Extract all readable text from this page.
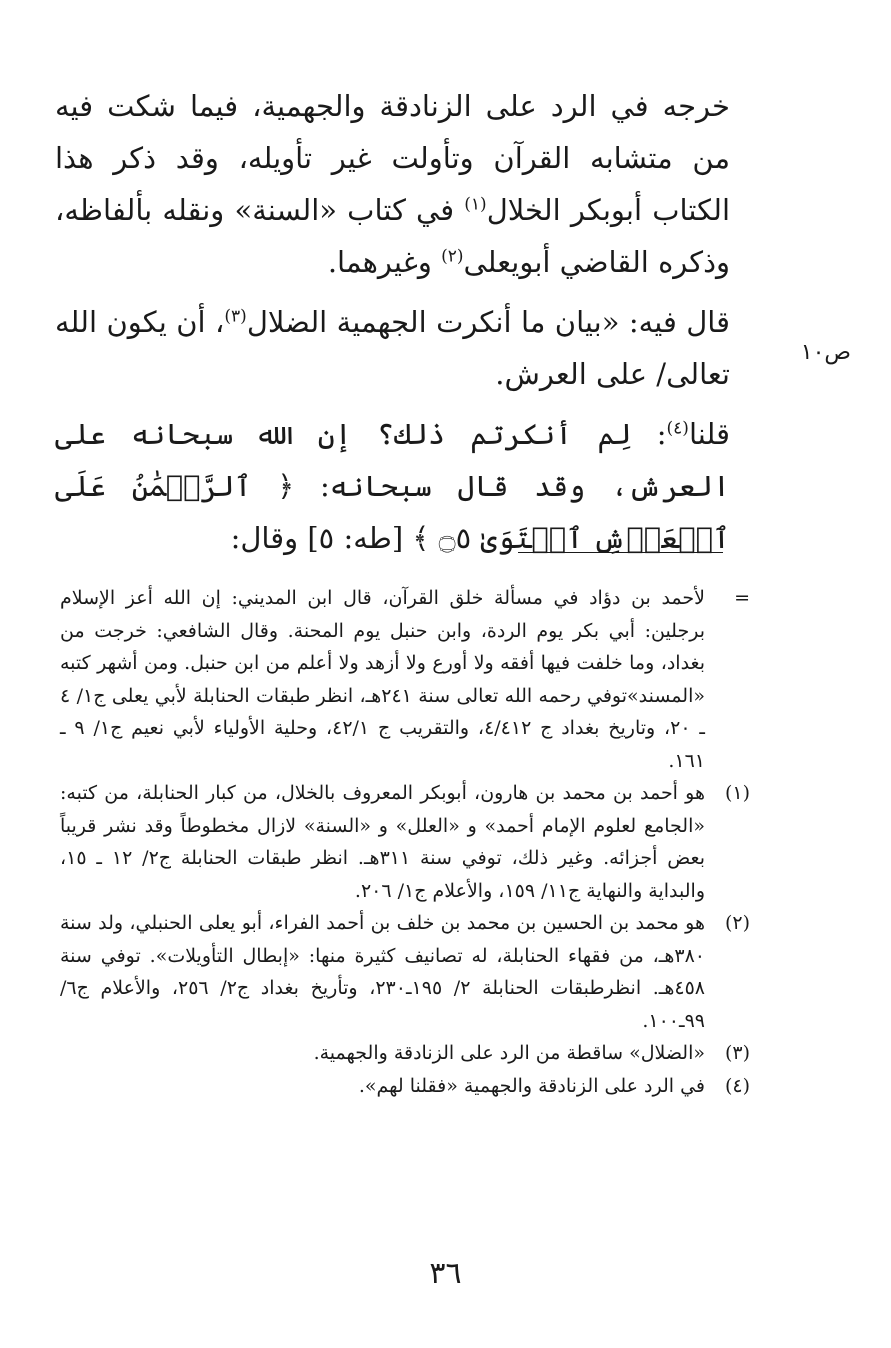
خرجه في الرد على الزنادقة والجهمية، فيما شكت فيه من متشابه القرآن وتأولت غير تأويله، وقد ذكر هذا الكتاب أبوبكر الخلال$^{(١)}$ في كتاب «السنة» ونقله بألفاظه، وذكره القاضي أبويعلى$^{(٢)}$ وغيرهما.

قال فيه: «بيان ما أنكرت الجهمية الضلال$^{(٣)}$، أن يكون الله تعالى/ على العرش.

قلنا$^{(٤)}$: لِم أنكرتم ذلك؟ إن الله سبحانه على العرش، وقد قال سبحانه: ﴿ ٱلرَّحۡمَٰنُ عَلَى ٱلۡعَرۡشِ ٱسۡتَوَىٰ ۝٥ ﴾ [طه: ٥] وقال:

ص١٠
=
لأحمد بن دؤاد في مسألة خلق القرآن، قال ابن المديني: إن الله أعز الإسلام برجلين: أبي بكر يوم الردة، وابن حنبل يوم المحنة. وقال الشافعي: خرجت من بغداد، وما خلفت فيها أفقه ولا أورع ولا أزهد ولا أعلم من ابن حنبل. ومن أشهر كتبه «المسند»توفي رحمه الله تعالى سنة ٢٤١هـ، انظر طبقات الحنابلة لأبي يعلى ج١/ ٤ ـ ٢٠، وتاريخ بغداد ج ٤/٤١٢، والتقريب ج ٤٢/١، وحلية الأولياء لأبي نعيم ج١/ ٩ ـ ١٦١.
(١)
هو أحمد بن محمد بن هارون، أبوبكر المعروف بالخلال، من كبار الحنابلة، من كتبه: «الجامع لعلوم الإمام أحمد» و «العلل» و «السنة» لازال مخطوطاً وقد نشر قريباً بعض أجزائه. وغير ذلك، توفي سنة ٣١١هـ. انظر طبقات الحنابلة ج٢/ ١٢ ـ ١٥، والبداية والنهاية ج١١/ ١٥٩، والأعلام ج١/ ٢٠٦.
(٢)
هو محمد بن الحسين بن محمد بن خلف بن أحمد الفراء، أبو يعلى الحنبلي، ولد سنة ٣٨٠هـ، من فقهاء الحنابلة، له تصانيف كثيرة منها: «إبطال التأويلات». توفي سنة ٤٥٨هـ. انظرطبقات الحنابلة ٢/ ١٩٥ـ٢٣٠، وتأريخ بغداد ج٢/ ٢٥٦، والأعلام ج٦/ ٩٩ـ١٠٠.
(٣)
«الضلال» ساقطة من الرد على الزنادقة والجهمية.
(٤)
في الرد على الزنادقة والجهمية «فقلنا لهم».
٣٦
